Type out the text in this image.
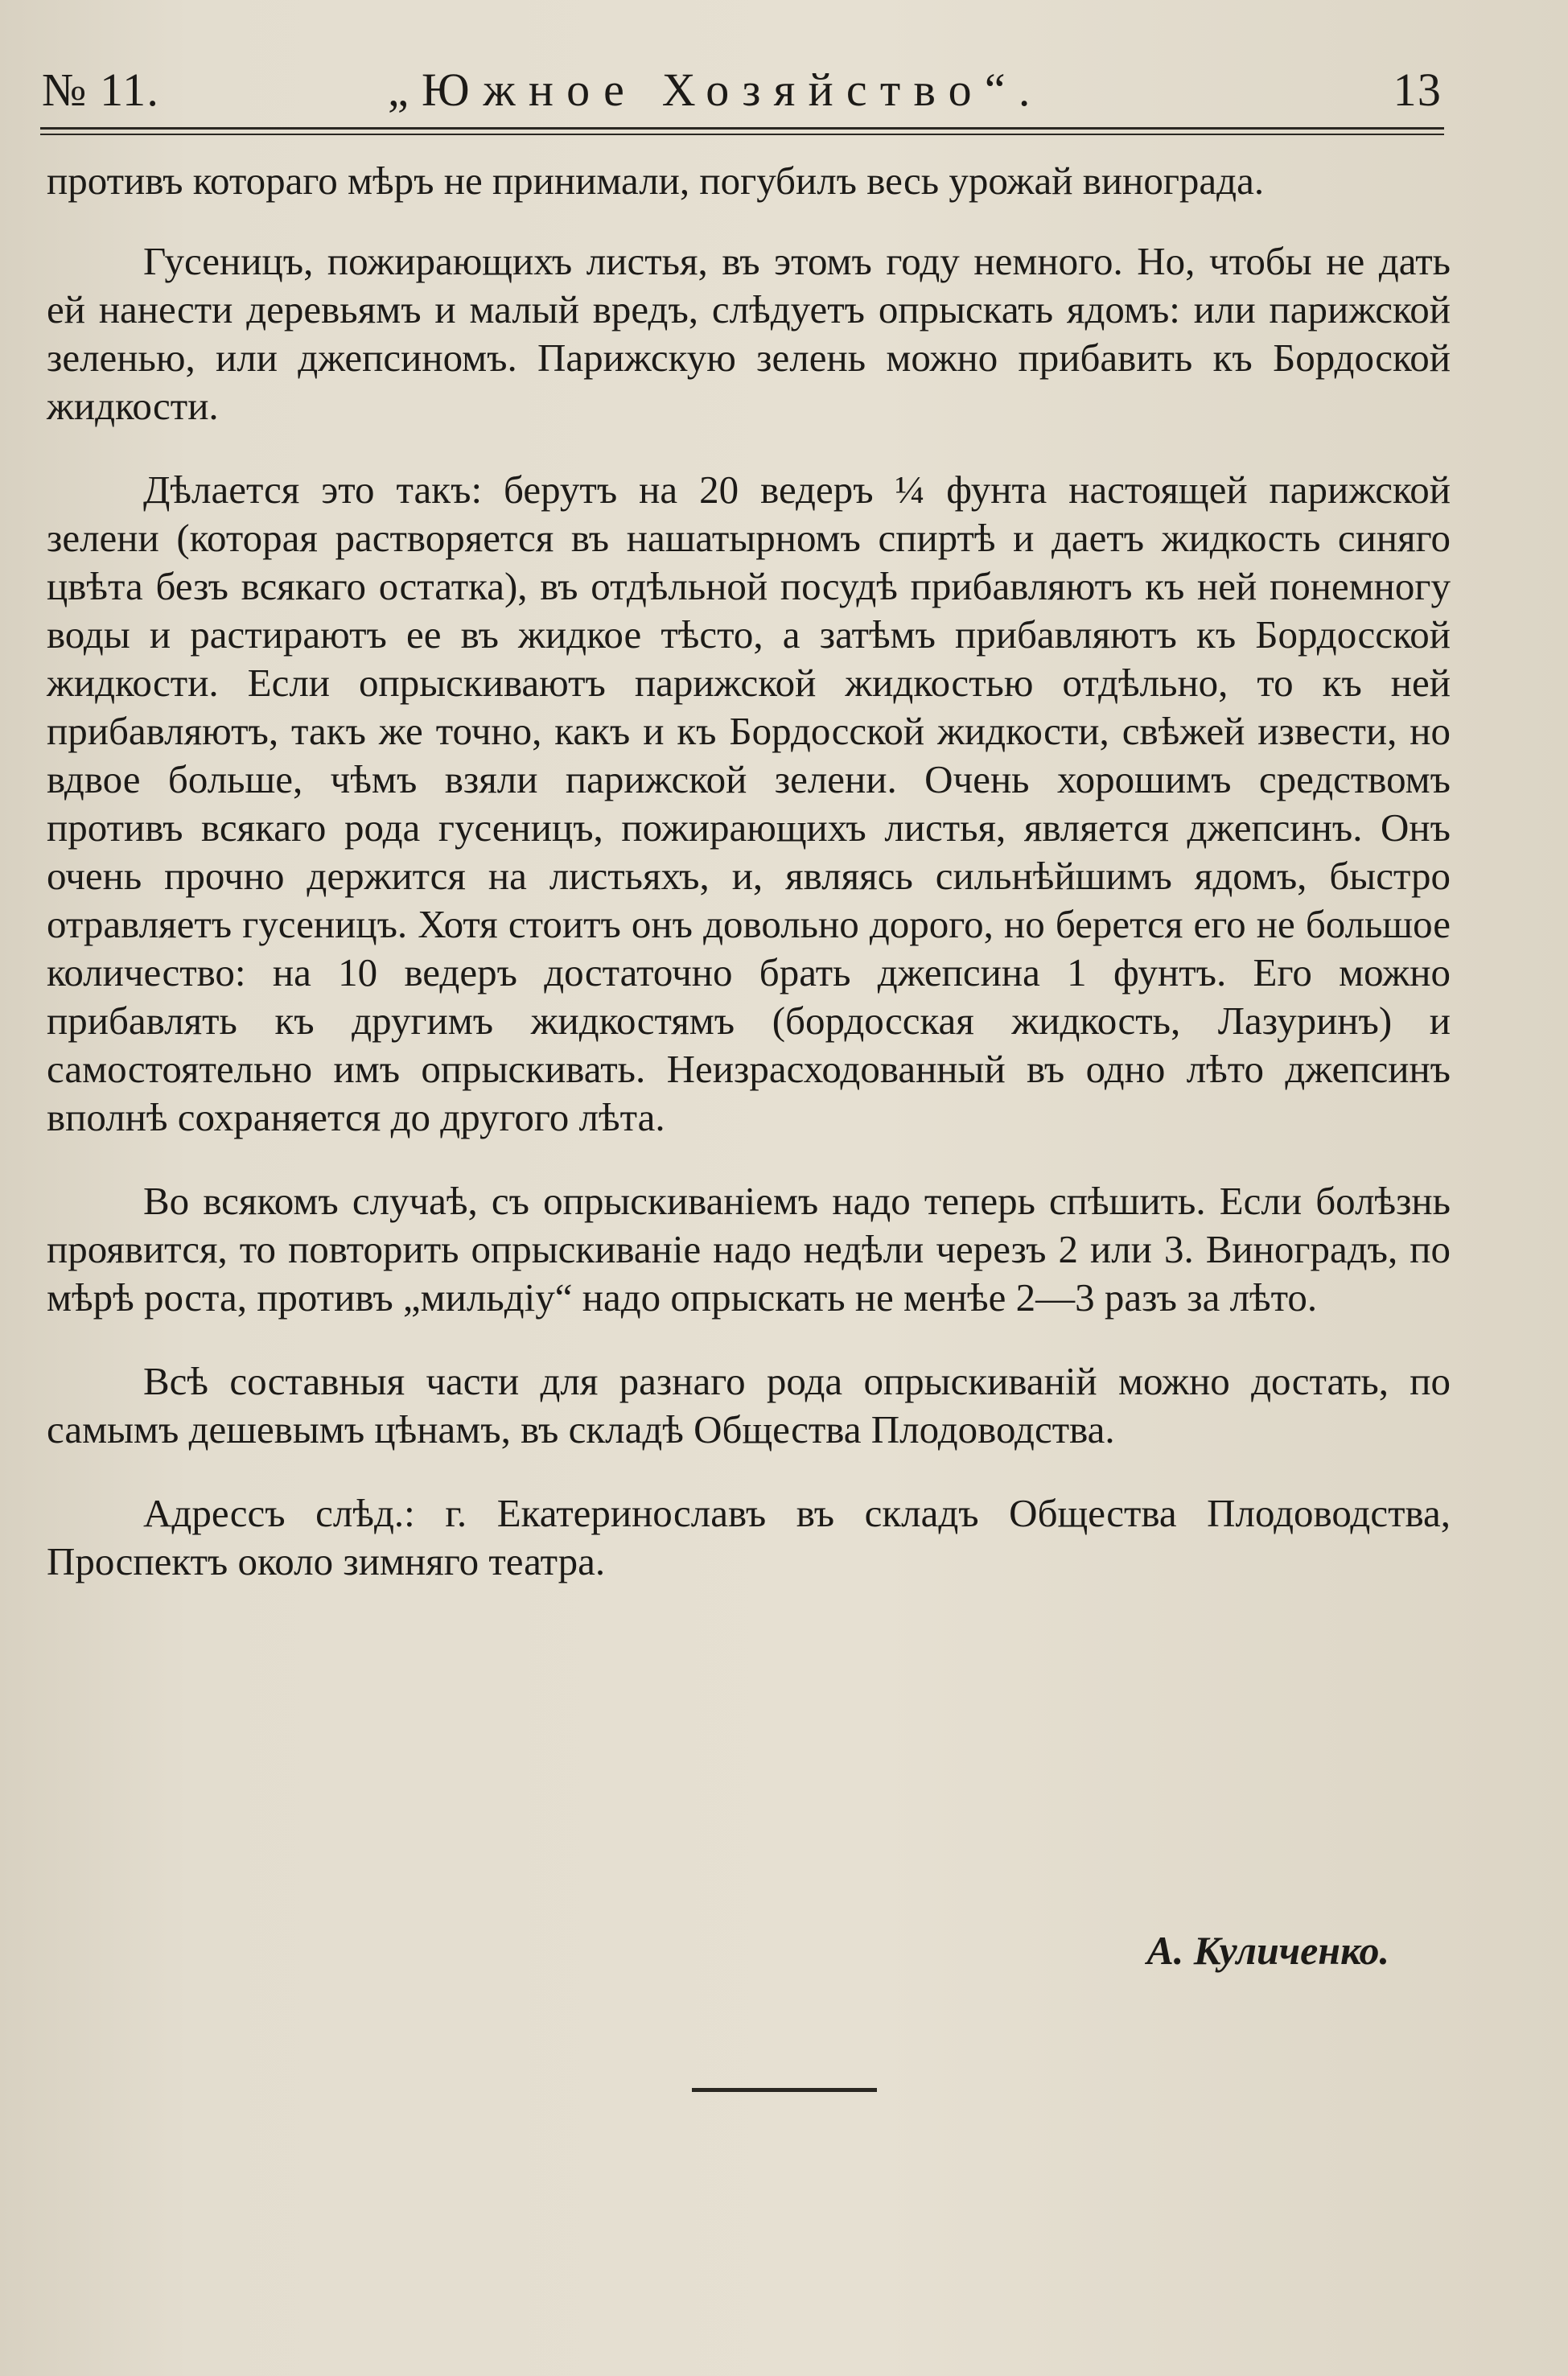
№ 11.	„Южное Хозяйство“.	13

противъ котораго мѣръ не принимали, погубилъ весь урожай винограда.

Гусеницъ, пожирающихъ листья, въ этомъ году немного. Но, чтобы не дать ей нанести деревьямъ и малый вредъ, слѣдуетъ опрыскать ядомъ: или парижской зеленью, или джепсиномъ. Парижскую зелень можно прибавить къ Бордоской жидкости.

Дѣлается это такъ: берутъ на 20 ведеръ ¼ фунта настоящей парижской зелени (которая растворяется въ нашатырномъ спиртѣ и даетъ жидкость синяго цвѣта безъ всякаго остатка), въ отдѣльной посудѣ прибавляютъ къ ней понемногу воды и растираютъ ее въ жидкое тѣсто, а затѣмъ прибавляютъ къ Бордосской жидкости. Если опрыскиваютъ парижской жидкостью отдѣльно, то къ ней прибавляютъ, такъ же точно, какъ и къ Бордосской жидкости, свѣжей извести, но вдвое больше, чѣмъ взяли парижской зелени. Очень хорошимъ средствомъ противъ всякаго рода гусеницъ, пожирающихъ листья, является джепсинъ. Онъ очень прочно держится на листьяхъ, и, являясь сильнѣйшимъ ядомъ, быстро отравляетъ гусеницъ. Хотя стоитъ онъ довольно дорого, но берется его не большое количество: на 10 ведеръ достаточно брать джепсина 1 фунтъ. Его можно прибавлять къ другимъ жидкостямъ (бордосская жидкость, Лазуринъ) и самостоятельно имъ опрыскивать. Неизрасходованный въ одно лѣто джепсинъ вполнѣ сохраняется до другого лѣта.

Во всякомъ случаѣ, съ опрыскиваніемъ надо теперь спѣшить. Если болѣзнь проявится, то повторить опрыскиваніе надо недѣли черезъ 2 или 3. Виноградъ, по мѣрѣ роста, противъ „мильдіу“ надо опрыскать не менѣе 2—3 разъ за лѣто.

Всѣ составныя части для разнаго рода опрыскиваній можно достать, по самымъ дешевымъ цѣнамъ, въ складѣ Общества Плодоводства.

Адрессъ слѣд.: г. Екатеринославъ въ складъ Общества Плодоводства, Проспектъ около зимняго театра.

А. Куличенко.
